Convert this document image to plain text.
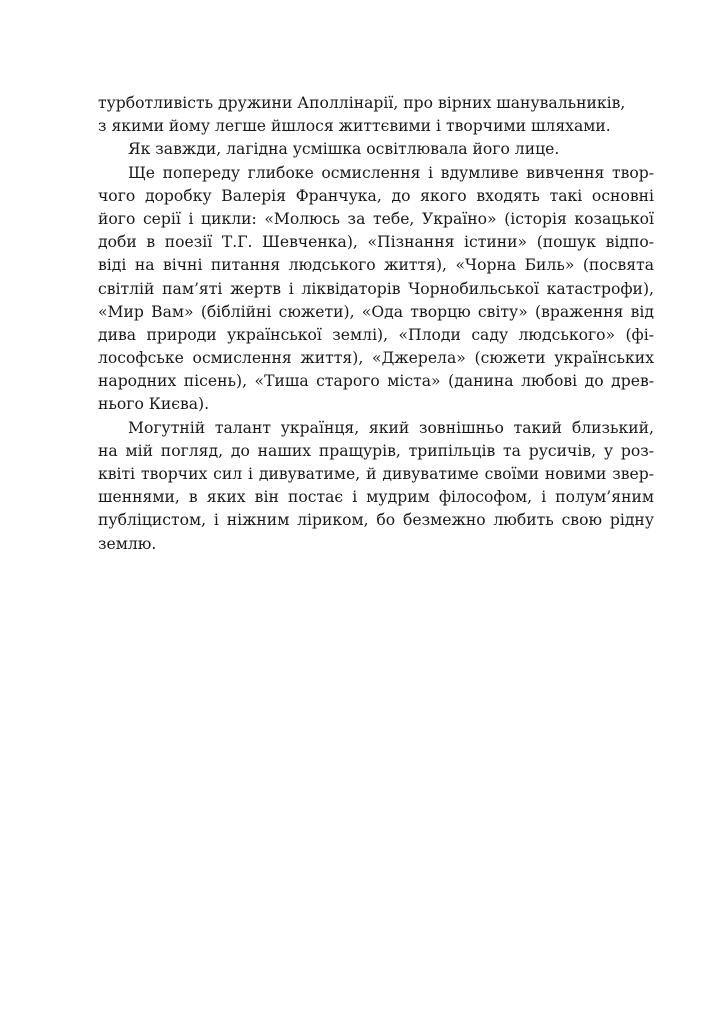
турботливість дружини Аполлінарії, про вірних шанувальників,
з якими йому легше йшлося життєвими і творчими шляхами.
Як завжди, лагідна усмішка освітлювала його лице.
Ще попереду глибоке осмислення і вдумливе вивчення твор-
чого доробку Валерія Франчука, до якого входять такі основні
його серії і цикли: «Молюсь за тебе, Україно» (історія козацької
доби в поезії Т.Г. Шевченка), «Пізнання істини» (пошук відпо-
віді на вічні питання людського життя), «Чорна Биль» (посвята
світлій пам’яті жертв і ліквідаторів Чорнобильської катастрофи),
«Мир Вам» (біблійні сюжети), «Ода творцю світу» (враження від
дива природи української землі), «Плоди саду людського» (фі-
лософське осмислення життя), «Джерела» (сюжети українських
народних пісень), «Тиша старого міста» (данина любові до древ-
нього Києва).
Могутній талант українця, який зовнішньо такий близький,
на мій погляд, до наших пращурів, трипільців та русичів, у роз-
квіті творчих сил і дивуватиме, й дивуватиме своїми новими звер-
шеннями, в яких він постає і мудрим філософом, і полум’яним
публіцистом, і ніжним ліриком, бо безмежно любить свою рідну
землю.
